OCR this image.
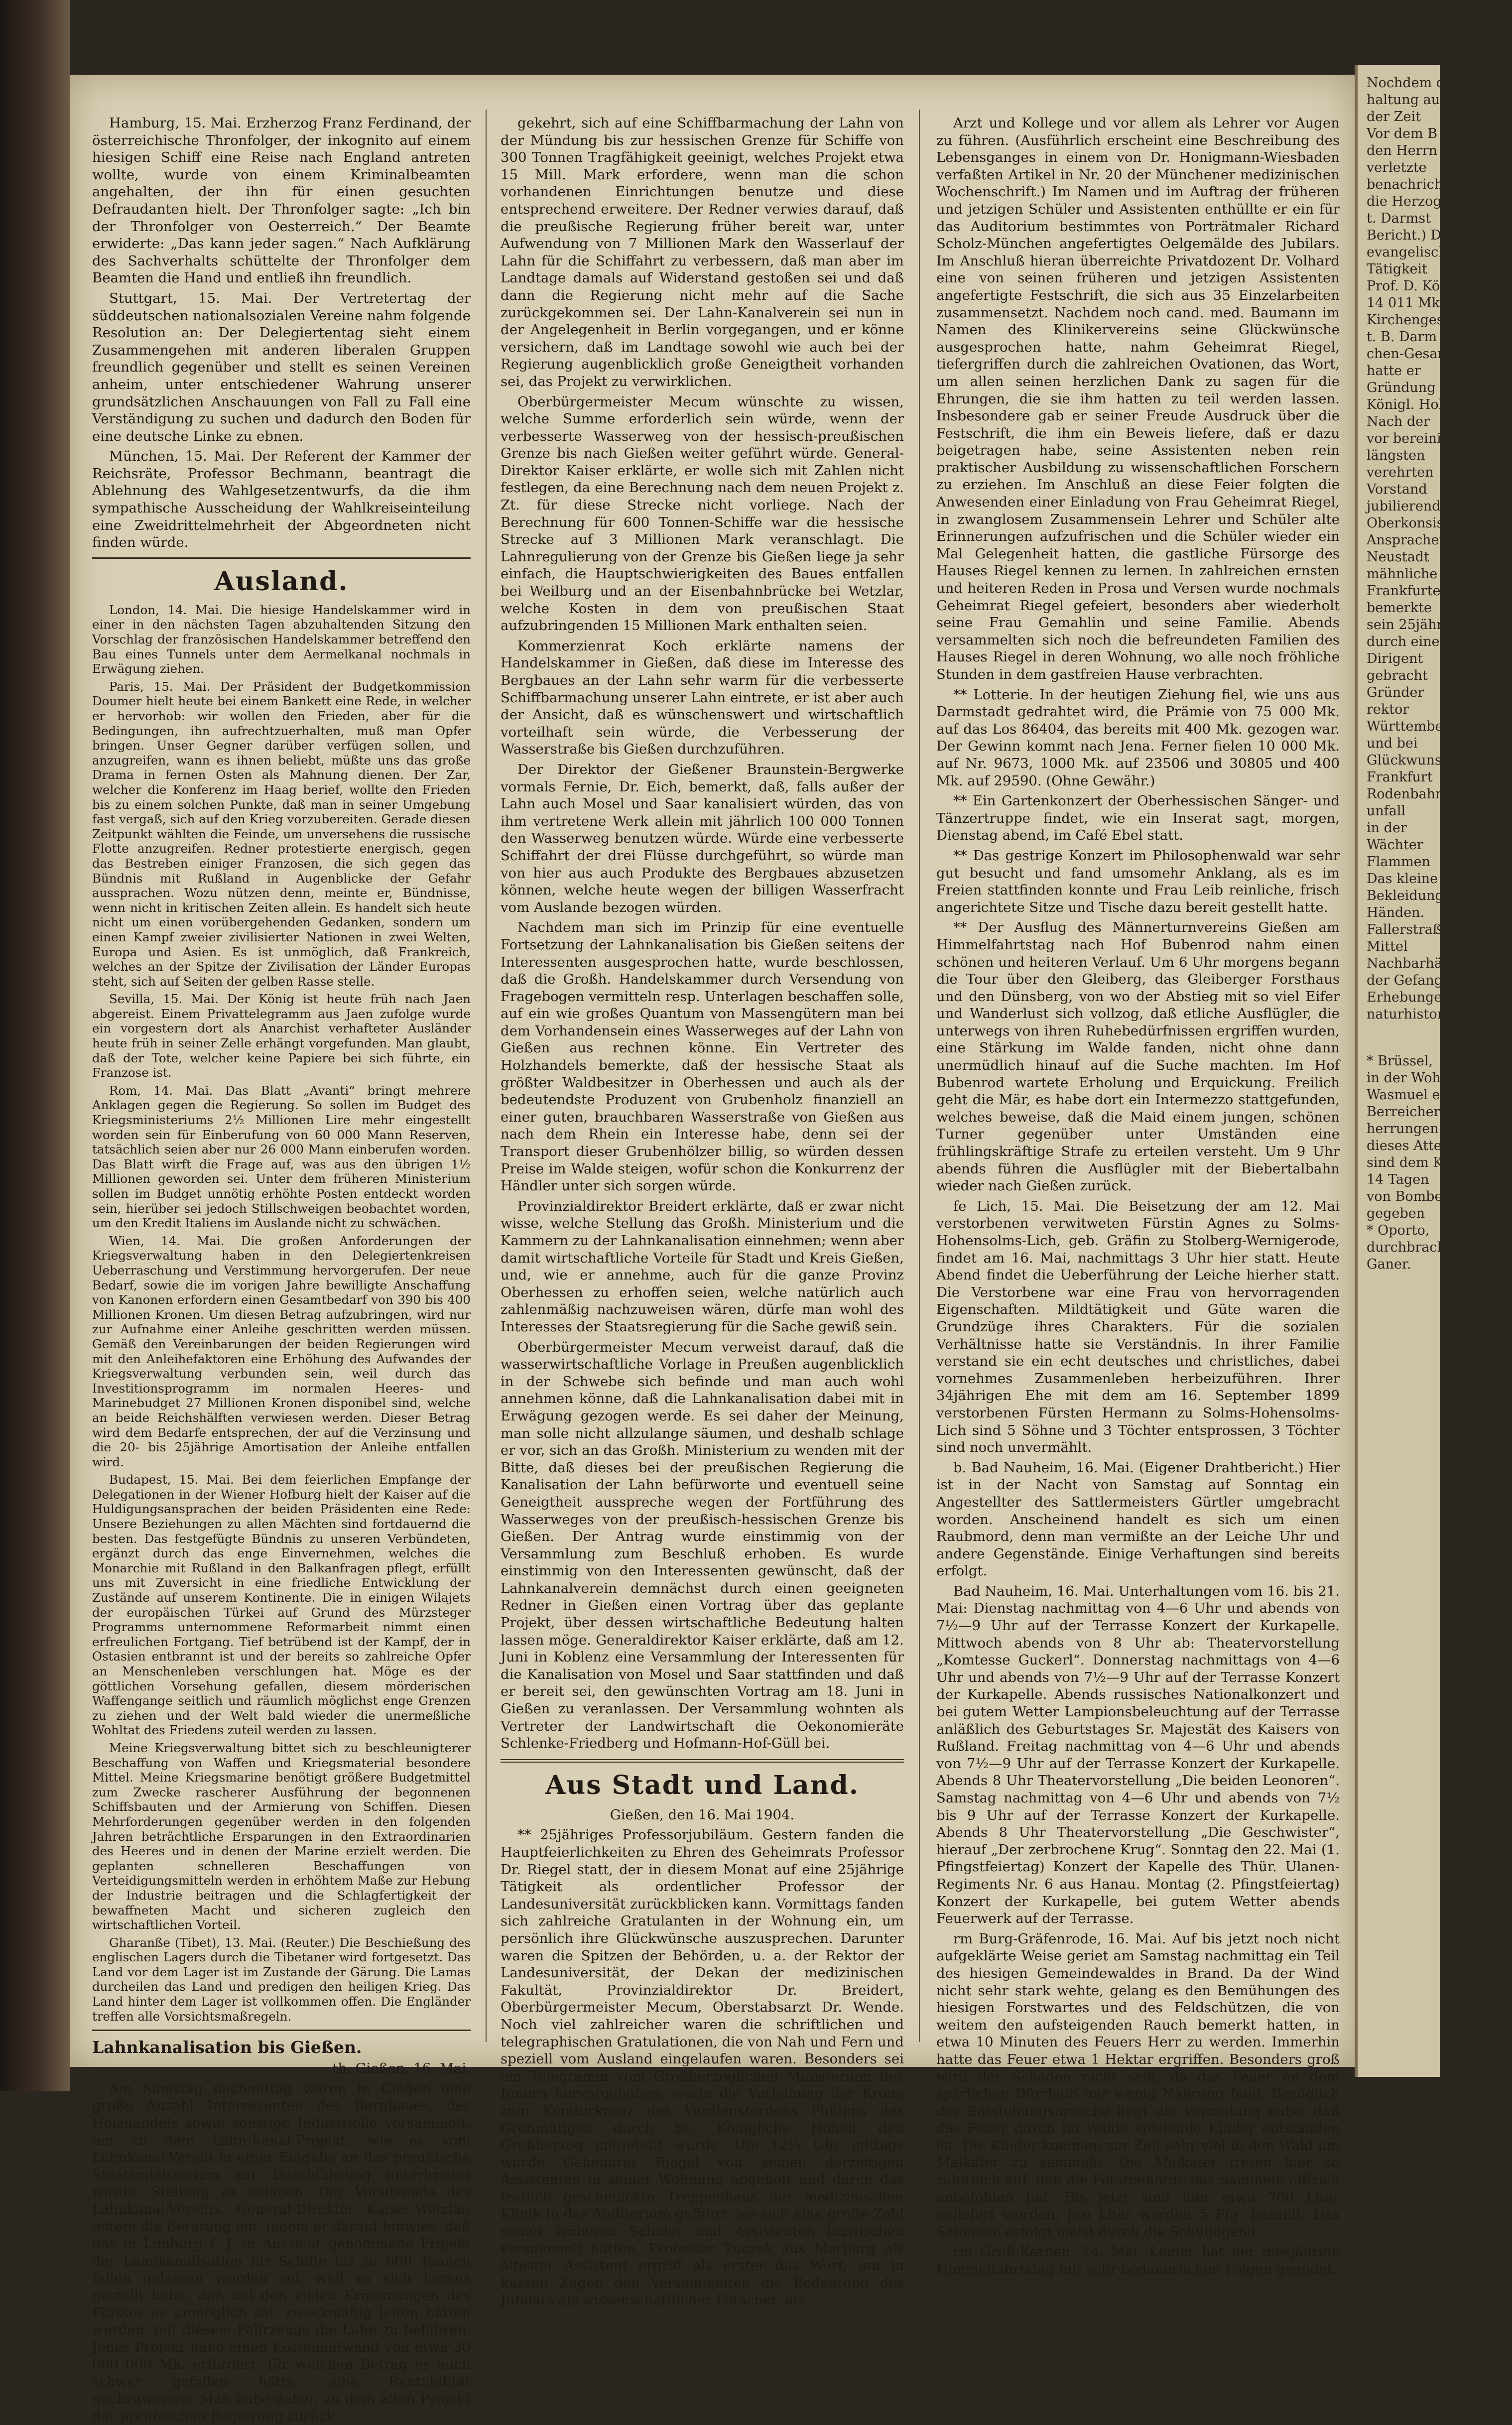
Hamburg, 15. Mai. Erzherzog Franz Ferdinand, der österreichische Thronfolger, der inkognito auf einem hiesigen Schiff eine Reise nach England antreten wollte, wurde von einem Kriminalbeamten angehalten, der ihn für einen gesuchten Defraudanten hielt. Der Thronfolger sagte: „Ich bin der Thronfolger von Oesterreich.“ Der Beamte erwiderte: „Das kann jeder sagen.“ Nach Aufklärung des Sachverhalts schüttelte der Thronfolger dem Beamten die Hand und entließ ihn freundlich.

Stuttgart, 15. Mai. Der Vertretertag der süddeutschen nationalsozialen Vereine nahm folgende Resolution an: Der Delegiertentag sieht einem Zusammengehen mit anderen liberalen Gruppen freundlich gegenüber und stellt es seinen Vereinen anheim, unter entschiedener Wahrung unserer grundsätzlichen Anschauungen von Fall zu Fall eine Verständigung zu suchen und dadurch den Boden für eine deutsche Linke zu ebnen.

München, 15. Mai. Der Referent der Kammer der Reichsräte, Professor Bechmann, beantragt die Ablehnung des Wahlgesetzentwurfs, da die ihm sympathische Ausscheidung der Wahlkreiseinteilung eine Zweidrittelmehrheit der Abgeordneten nicht finden würde.

Ausland.

London, 14. Mai. Die hiesige Handelskammer wird in einer in den nächsten Tagen abzuhaltenden Sitzung den Vorschlag der französischen Handelskammer betreffend den Bau eines Tunnels unter dem Aermelkanal nochmals in Erwägung ziehen.

Paris, 15. Mai. Der Präsident der Budgetkommission Doumer hielt heute bei einem Bankett eine Rede, in welcher er hervorhob: wir wollen den Frieden, aber für die Bedingungen, ihn aufrechtzuerhalten, muß man Opfer bringen. Unser Gegner darüber verfügen sollen, und anzugreifen, wann es ihnen beliebt, müßte uns das große Drama in fernen Osten als Mahnung dienen. Der Zar, welcher die Konferenz im Haag berief, wollte den Frieden bis zu einem solchen Punkte, daß man in seiner Umgebung fast vergaß, sich auf den Krieg vorzubereiten. Gerade diesen Zeitpunkt wählten die Feinde, um unversehens die russische Flotte anzugreifen. Redner protestierte energisch, gegen das Bestreben einiger Franzosen, die sich gegen das Bündnis mit Rußland in Augenblicke der Gefahr aussprachen. Wozu nützen denn, meinte er, Bündnisse, wenn nicht in kritischen Zeiten allein. Es handelt sich heute nicht um einen vorübergehenden Gedanken, sondern um einen Kampf zweier zivilisierter Nationen in zwei Welten, Europa und Asien. Es ist unmöglich, daß Frankreich, welches an der Spitze der Zivilisation der Länder Europas steht, sich auf Seiten der gelben Rasse stelle.

Sevilla, 15. Mai. Der König ist heute früh nach Jaen abgereist. Einem Privattelegramm aus Jaen zufolge wurde ein vorgestern dort als Anarchist verhafteter Ausländer heute früh in seiner Zelle erhängt vorgefunden. Man glaubt, daß der Tote, welcher keine Papiere bei sich führte, ein Franzose ist.

Rom, 14. Mai. Das Blatt „Avanti“ bringt mehrere Anklagen gegen die Regierung. So sollen im Budget des Kriegsministeriums 2½ Millionen Lire mehr eingestellt worden sein für Einberufung von 60 000 Mann Reserven, tatsächlich seien aber nur 26 000 Mann einberufen worden. Das Blatt wirft die Frage auf, was aus den übrigen 1½ Millionen geworden sei. Unter dem früheren Ministerium sollen im Budget unnötig erhöhte Posten entdeckt worden sein, hierüber sei jedoch Stillschweigen beobachtet worden, um den Kredit Italiens im Auslande nicht zu schwächen.

Wien, 14. Mai. Die großen Anforderungen der Kriegsverwaltung haben in den Delegiertenkreisen Ueberraschung und Verstimmung hervorgerufen. Der neue Bedarf, sowie die im vorigen Jahre bewilligte Anschaffung von Kanonen erfordern einen Gesamtbedarf von 390 bis 400 Millionen Kronen. Um diesen Betrag aufzubringen, wird nur zur Aufnahme einer Anleihe geschritten werden müssen. Gemäß den Vereinbarungen der beiden Regierungen wird mit den Anleihefaktoren eine Erhöhung des Aufwandes der Kriegsverwaltung verbunden sein, weil durch das Investitionsprogramm im normalen Heeres- und Marinebudget 27 Millionen Kronen disponibel sind, welche an beide Reichshälften verwiesen werden. Dieser Betrag wird dem Bedarfe entsprechen, der auf die Verzinsung und die 20- bis 25jährige Amortisation der Anleihe entfallen wird.

Budapest, 15. Mai. Bei dem feierlichen Empfange der Delegationen in der Wiener Hofburg hielt der Kaiser auf die Huldigungsansprachen der beiden Präsidenten eine Rede: Unsere Beziehungen zu allen Mächten sind fortdauernd die besten. Das festgefügte Bündnis zu unseren Verbündeten, ergänzt durch das enge Einvernehmen, welches die Monarchie mit Rußland in den Balkanfragen pflegt, erfüllt uns mit Zuversicht in eine friedliche Entwicklung der Zustände auf unserem Kontinente. Die in einigen Wilajets der europäischen Türkei auf Grund des Mürzsteger Programms unternommene Reformarbeit nimmt einen erfreulichen Fortgang. Tief betrübend ist der Kampf, der in Ostasien entbrannt ist und der bereits so zahlreiche Opfer an Menschenleben verschlungen hat. Möge es der göttlichen Vorsehung gefallen, diesem mörderischen Waffengange seitlich und räumlich möglichst enge Grenzen zu ziehen und der Welt bald wieder die unermeßliche Wohltat des Friedens zuteil werden zu lassen.

Meine Kriegsverwaltung bittet sich zu beschleunigterer Beschaffung von Waffen und Kriegsmaterial besondere Mittel. Meine Kriegsmarine benötigt größere Budgetmittel zum Zwecke rascherer Ausführung der begonnenen Schiffsbauten und der Armierung von Schiffen. Diesen Mehrforderungen gegenüber werden in den folgenden Jahren beträchtliche Ersparungen in den Extraordinarien des Heeres und in denen der Marine erzielt werden. Die geplanten schnelleren Beschaffungen von Verteidigungsmitteln werden in erhöhtem Maße zur Hebung der Industrie beitragen und die Schlagfertigkeit der bewaffneten Macht und sicheren zugleich den wirtschaftlichen Vorteil.

Gharanße (Tibet), 13. Mai. (Reuter.) Die Beschießung des englischen Lagers durch die Tibetaner wird fortgesetzt. Das Land vor dem Lager ist im Zustande der Gärung. Die Lamas durcheilen das Land und predigen den heiligen Krieg. Das Land hinter dem Lager ist vollkommen offen. Die Engländer treffen alle Vorsichtsmaßregeln.

Lahnkanalisation bis Gießen.

th. Gießen, 16. Mai.

Am Samstag nachmittag waren in Gießen eine große Anzahl Interessenten des Bergbaues, des Holzhandels sowie sonstige Industrielle versammelt, um zu dem Lahn-Kanal-Projekt, wie es vom Lahnkanal-Verein in einer Eingabe an das preußische Staatsministerium zur Durchführung unterbreitet wurde, Stellung zu nehmen. Der Vorsitzende des Lahnkanal-Vereins, General-Direktor Kaiser-Wetzlar, leitete die Beratung ein, indem er darauf hinwies, daß das in Limburg f. J. in Aussicht genommene Projekt der Lahnkanalisation für Schiffe bis zu 600 Tonnen fallen gelassen worden sei, weil es sich heraus gestellt habe, daß bei den vielen Krümmungen des Flusses es unmöglich sei, zweckmäßig leiten hätten werden, mit diesem Fahrzeuge die Lahn zu befahren. Jenes Projekt habe einen Kostenaufwand von etwa 30 000 000 Mk. erfordert, für welchen Betrag es auch schwer gefallen hätte, eine Rentabilität nachzuweisen. Man habe daher, zu dem alten Projekt der preußischen Regierung zurück-

gekehrt, sich auf eine Schiffbarmachung der Lahn von der Mündung bis zur hessischen Grenze für Schiffe von 300 Tonnen Tragfähigkeit geeinigt, welches Projekt etwa 15 Mill. Mark erfordere, wenn man die schon vorhandenen Einrichtungen benutze und diese entsprechend erweitere. Der Redner verwies darauf, daß die preußische Regierung früher bereit war, unter Aufwendung von 7 Millionen Mark den Wasserlauf der Lahn für die Schiffahrt zu verbessern, daß man aber im Landtage damals auf Widerstand gestoßen sei und daß dann die Regierung nicht mehr auf die Sache zurückgekommen sei. Der Lahn-Kanalverein sei nun in der Angelegenheit in Berlin vorgegangen, und er könne versichern, daß im Landtage sowohl wie auch bei der Regierung augenblicklich große Geneigtheit vorhanden sei, das Projekt zu verwirklichen.

Oberbürgermeister Mecum wünschte zu wissen, welche Summe erforderlich sein würde, wenn der verbesserte Wasserweg von der hessisch-preußischen Grenze bis nach Gießen weiter geführt würde. General-Direktor Kaiser erklärte, er wolle sich mit Zahlen nicht festlegen, da eine Berechnung nach dem neuen Projekt z. Zt. für diese Strecke nicht vorliege. Nach der Berechnung für 600 Tonnen-Schiffe war die hessische Strecke auf 3 Millionen Mark veranschlagt. Die Lahnregulierung von der Grenze bis Gießen liege ja sehr einfach, die Hauptschwierigkeiten des Baues entfallen bei Weilburg und an der Eisenbahnbrücke bei Wetzlar, welche Kosten in dem von preußischen Staat aufzubringenden 15 Millionen Mark enthalten seien.

Kommerzienrat Koch erklärte namens der Handelskammer in Gießen, daß diese im Interesse des Bergbaues an der Lahn sehr warm für die verbesserte Schiffbarmachung unserer Lahn eintrete, er ist aber auch der Ansicht, daß es wünschenswert und wirtschaftlich vorteilhaft sein würde, die Verbesserung der Wasserstraße bis Gießen durchzuführen.

Der Direktor der Gießener Braunstein-Bergwerke vormals Fernie, Dr. Eich, bemerkt, daß, falls außer der Lahn auch Mosel und Saar kanalisiert würden, das von ihm vertretene Werk allein mit jährlich 100 000 Tonnen den Wasserweg benutzen würde. Würde eine verbesserte Schiffahrt der drei Flüsse durchgeführt, so würde man von hier aus auch Produkte des Bergbaues abzusetzen können, welche heute wegen der billigen Wasserfracht vom Auslande bezogen würden.

Nachdem man sich im Prinzip für eine eventuelle Fortsetzung der Lahnkanalisation bis Gießen seitens der Interessenten ausgesprochen hatte, wurde beschlossen, daß die Großh. Handelskammer durch Versendung von Fragebogen vermitteln resp. Unterlagen beschaffen solle, auf ein wie großes Quantum von Massengütern man bei dem Vorhandensein eines Wasserweges auf der Lahn von Gießen aus rechnen könne. Ein Vertreter des Holzhandels bemerkte, daß der hessische Staat als größter Waldbesitzer in Oberhessen und auch als der bedeutendste Produzent von Grubenholz finanziell an einer guten, brauchbaren Wasserstraße von Gießen aus nach dem Rhein ein Interesse habe, denn sei der Transport dieser Grubenhölzer billig, so würden dessen Preise im Walde steigen, wofür schon die Konkurrenz der Händler unter sich sorgen würde.

Provinzialdirektor Breidert erklärte, daß er zwar nicht wisse, welche Stellung das Großh. Ministerium und die Kammern zu der Lahnkanalisation einnehmen; wenn aber damit wirtschaftliche Vorteile für Stadt und Kreis Gießen, und, wie er annehme, auch für die ganze Provinz Oberhessen zu erhoffen seien, welche natürlich auch zahlenmäßig nachzuweisen wären, dürfe man wohl des Interesses der Staatsregierung für die Sache gewiß sein.

Oberbürgermeister Mecum verweist darauf, daß die wasserwirtschaftliche Vorlage in Preußen augenblicklich in der Schwebe sich befinde und man auch wohl annehmen könne, daß die Lahnkanalisation dabei mit in Erwägung gezogen werde. Es sei daher der Meinung, man solle nicht allzulange säumen, und deshalb schlage er vor, sich an das Großh. Ministerium zu wenden mit der Bitte, daß dieses bei der preußischen Regierung die Kanalisation der Lahn befürworte und eventuell seine Geneigtheit ausspreche wegen der Fortführung des Wasserweges von der preußisch-hessischen Grenze bis Gießen. Der Antrag wurde einstimmig von der Versammlung zum Beschluß erhoben. Es wurde einstimmig von den Interessenten gewünscht, daß der Lahnkanalverein demnächst durch einen geeigneten Redner in Gießen einen Vortrag über das geplante Projekt, über dessen wirtschaftliche Bedeutung halten lassen möge. Generaldirektor Kaiser erklärte, daß am 12. Juni in Koblenz eine Versammlung der Interessenten für die Kanalisation von Mosel und Saar stattfinden und daß er bereit sei, den gewünschten Vortrag am 18. Juni in Gießen zu veranlassen. Der Versammlung wohnten als Vertreter der Landwirtschaft die Oekonomieräte Schlenke-Friedberg und Hofmann-Hof-Güll bei.

Aus Stadt und Land.

Gießen, den 16. Mai 1904.

** 25jähriges Professorjubiläum. Gestern fanden die Hauptfeierlichkeiten zu Ehren des Geheimrats Professor Dr. Riegel statt, der in diesem Monat auf eine 25jährige Tätigkeit als ordentlicher Professor der Landesuniversität zurückblicken kann. Vormittags fanden sich zahlreiche Gratulanten in der Wohnung ein, um persönlich ihre Glückwünsche auszusprechen. Darunter waren die Spitzen der Behörden, u. a. der Rektor der Landesuniversität, der Dekan der medizinischen Fakultät, Provinzialdirektor Dr. Breidert, Oberbürgermeister Mecum, Oberstabsarzt Dr. Wende. Noch viel zahlreicher waren die schriftlichen und telegraphischen Gratulationen, die von Nah und Fern und speziell vom Ausland eingelaufen waren. Besonders sei ein Telegramm vom Großherzoglichen Ministerium des Innern hervorgehoben, worin die Verleihung der Krone zum Komturkreuz des Verdienstordens Philipps des Großmütigen durch Se. Königliche Hoheit den Großherzog mitgeteilt wurde. Um 12¼ Uhr mittags wurde Geheimrat Riegel von seinen derzeitigen Assistenten in seiner Wohnung abgeholt und durch das festlich geschmückte Treppenhaus der medizinischen Klinik in das Auditorium geführt, wo sich eine große Zahl seiner früheren Schüler und Assistenten inzwischen versammelt hatten. Professor Tuczek aus Marburg als ältester Assistent ergriff als erster das Wort, um in kurzen Zügen den Versammelten die Bedeutung des Jubilars als wissenschaftlicher Forscher, als

Arzt und Kollege und vor allem als Lehrer vor Augen zu führen. (Ausführlich erscheint eine Beschreibung des Lebensganges in einem von Dr. Honigmann-Wiesbaden verfaßten Artikel in Nr. 20 der Münchener medizinischen Wochenschrift.) Im Namen und im Auftrag der früheren und jetzigen Schüler und Assistenten enthüllte er ein für das Auditorium bestimmtes von Porträtmaler Richard Scholz-München angefertigtes Oelgemälde des Jubilars. Im Anschluß hieran überreichte Privatdozent Dr. Volhard eine von seinen früheren und jetzigen Assistenten angefertigte Festschrift, die sich aus 35 Einzelarbeiten zusammensetzt. Nachdem noch cand. med. Baumann im Namen des Klinikervereins seine Glückwünsche ausgesprochen hatte, nahm Geheimrat Riegel, tiefergriffen durch die zahlreichen Ovationen, das Wort, um allen seinen herzlichen Dank zu sagen für die Ehrungen, die sie ihm hatten zu teil werden lassen. Insbesondere gab er seiner Freude Ausdruck über die Festschrift, die ihm ein Beweis liefere, daß er dazu beigetragen habe, seine Assistenten neben rein praktischer Ausbildung zu wissenschaftlichen Forschern zu erziehen. Im Anschluß an diese Feier folgten die Anwesenden einer Einladung von Frau Geheimrat Riegel, in zwanglosem Zusammensein Lehrer und Schüler alte Erinnerungen aufzufrischen und die Schüler wieder ein Mal Gelegenheit hatten, die gastliche Fürsorge des Hauses Riegel kennen zu lernen. In zahlreichen ernsten und heiteren Reden in Prosa und Versen wurde nochmals Geheimrat Riegel gefeiert, besonders aber wiederholt seine Frau Gemahlin und seine Familie. Abends versammelten sich noch die befreundeten Familien des Hauses Riegel in deren Wohnung, wo alle noch fröhliche Stunden in dem gastfreien Hause verbrachten.

** Lotterie. In der heutigen Ziehung fiel, wie uns aus Darmstadt gedrahtet wird, die Prämie von 75 000 Mk. auf das Los 86404, das bereits mit 400 Mk. gezogen war. Der Gewinn kommt nach Jena. Ferner fielen 10 000 Mk. auf Nr. 9673, 1000 Mk. auf 23506 und 30805 und 400 Mk. auf 29590. (Ohne Gewähr.)

** Ein Gartenkonzert der Oberhessischen Sänger- und Tänzertruppe findet, wie ein Inserat sagt, morgen, Dienstag abend, im Café Ebel statt.

** Das gestrige Konzert im Philosophenwald war sehr gut besucht und fand umsomehr Anklang, als es im Freien stattfinden konnte und Frau Leib reinliche, frisch angerichtete Sitze und Tische dazu bereit gestellt hatte.

** Der Ausflug des Männerturnvereins Gießen am Himmelfahrtstag nach Hof Bubenrod nahm einen schönen und heiteren Verlauf. Um 6 Uhr morgens begann die Tour über den Gleiberg, das Gleiberger Forsthaus und den Dünsberg, von wo der Abstieg mit so viel Eifer und Wanderlust sich vollzog, daß etliche Ausflügler, die unterwegs von ihren Ruhebedürfnissen ergriffen wurden, eine Stärkung im Walde fanden, nicht ohne dann unermüdlich hinauf auf die Suche machten. Im Hof Bubenrod wartete Erholung und Erquickung. Freilich geht die Mär, es habe dort ein Intermezzo stattgefunden, welches beweise, daß die Maid einem jungen, schönen Turner gegenüber unter Umständen eine frühlingskräftige Strafe zu erteilen versteht. Um 9 Uhr abends führen die Ausflügler mit der Biebertalbahn wieder nach Gießen zurück.

fe Lich, 15. Mai. Die Beisetzung der am 12. Mai verstorbenen verwitweten Fürstin Agnes zu Solms-Hohensolms-Lich, geb. Gräfin zu Stolberg-Wernigerode, findet am 16. Mai, nachmittags 3 Uhr hier statt. Heute Abend findet die Ueberführung der Leiche hierher statt. Die Verstorbene war eine Frau von hervorragenden Eigenschaften. Mildtätigkeit und Güte waren die Grundzüge ihres Charakters. Für die sozialen Verhältnisse hatte sie Verständnis. In ihrer Familie verstand sie ein echt deutsches und christliches, dabei vornehmes Zusammenleben herbeizuführen. Ihrer 34jährigen Ehe mit dem am 16. September 1899 verstorbenen Fürsten Hermann zu Solms-Hohensolms-Lich sind 5 Söhne und 3 Töchter entsprossen, 3 Töchter sind noch unvermählt.

b. Bad Nauheim, 16. Mai. (Eigener Drahtbericht.) Hier ist in der Nacht von Samstag auf Sonntag ein Angestellter des Sattlermeisters Gürtler umgebracht worden. Anscheinend handelt es sich um einen Raubmord, denn man vermißte an der Leiche Uhr und andere Gegenstände. Einige Verhaftungen sind bereits erfolgt.

Bad Nauheim, 16. Mai. Unterhaltungen vom 16. bis 21. Mai: Dienstag nachmittag von 4—6 Uhr und abends von 7½—9 Uhr auf der Terrasse Konzert der Kurkapelle. Mittwoch abends von 8 Uhr ab: Theatervorstellung „Komtesse Guckerl“. Donnerstag nachmittags von 4—6 Uhr und abends von 7½—9 Uhr auf der Terrasse Konzert der Kurkapelle. Abends russisches Nationalkonzert und bei gutem Wetter Lampionsbeleuchtung auf der Terrasse anläßlich des Geburtstages Sr. Majestät des Kaisers von Rußland. Freitag nachmittag von 4—6 Uhr und abends von 7½—9 Uhr auf der Terrasse Konzert der Kurkapelle. Abends 8 Uhr Theatervorstellung „Die beiden Leonoren“. Samstag nachmittag von 4—6 Uhr und abends von 7½ bis 9 Uhr auf der Terrasse Konzert der Kurkapelle. Abends 8 Uhr Theatervorstellung „Die Geschwister“, hierauf „Der zerbrochene Krug“. Sonntag den 22. Mai (1. Pfingstfeiertag) Konzert der Kapelle des Thür. Ulanen-Regiments Nr. 6 aus Hanau. Montag (2. Pfingstfeiertag) Konzert der Kurkapelle, bei gutem Wetter abends Feuerwerk auf der Terrasse.

rm Burg-Gräfenrode, 16. Mai. Auf bis jetzt noch nicht aufgeklärte Weise geriet am Samstag nachmittag ein Teil des hiesigen Gemeindewaldes in Brand. Da der Wind nicht sehr stark wehte, gelang es den Bemühungen des hiesigen Forstwartes und des Feldschützen, die von weitem den aufsteigenden Rauch bemerkt hatten, in etwa 10 Minuten des Feuers Herr zu werden. Immerhin hatte das Feuer etwa 1 Hektar ergriffen. Besonders groß wird der Schaden nicht sein, da das Feuer an dem spärlichen Dürrlaub nur wenig Nahrung fand. Bezüglich der Entstehungsursache liegt die Vermutung nahe, daß das Feuer durch im Walde spielende Kinder entstanden ist. Die Kinder kommen zur Zeit sehr viel in den Wald um Maikäfer zu sammeln. Die Maikäfer treten hier so zahlreich auf, daß die Forstbehörde das Sammeln offiziell anbefohlen hat. Bis jetzt sind hier etwa 700 Liter geliefert worden, pro Liter werden 5 Pfg. bezahlt. Das Sammeln erfolgt meist durch die Schuljugend.

rm Groß-Karben, 14. Mai. Leider hat der diesjährige Himmelfahrtstag mit sehr bedauerlichen Folgen geendet.

Nochdem di
haltung auf
der Zeit
Vor dem B
den Herrn B
verletzte
benachrichtigten
die Herzogengl
t. Darmst
Bericht.) D
evangelischen
Tätigkeit
Prof. D. Köstlin
14 011 Mk.
Kirchengesangverein
t. B. Darm
chen-Gesang
hatte er
Gründung
Königl. Hoheit
Nach der
vor bereinigten
längsten
verehrten
Vorstand
jubilierenden
Oberkonsistorialrat
Ansprachen
Neustadt
mähnliche
Frankfurter
bemerkte
sein 25jähriges
durch eine
Dirigent
gebracht
Gründer
rektor
Württemberg
und bei
Glückwunsch
Frankfurt
Rodenbahn
unfall
in der
Wächter
Flammen
Das kleine
Bekleidung
Händen.
Fallerstraße
Mittel
Nachbarhäuser
der Gefangenen
Erhebungen
naturhistorischen
* Brüssel,
in der Wohnung
Wasmuel eine
Berreicher
herrungen
dieses Attentats
sind dem Kaiser
14 Tagen
von Bombe
gegeben
* Oporto,
durchbrach
Ganer.
